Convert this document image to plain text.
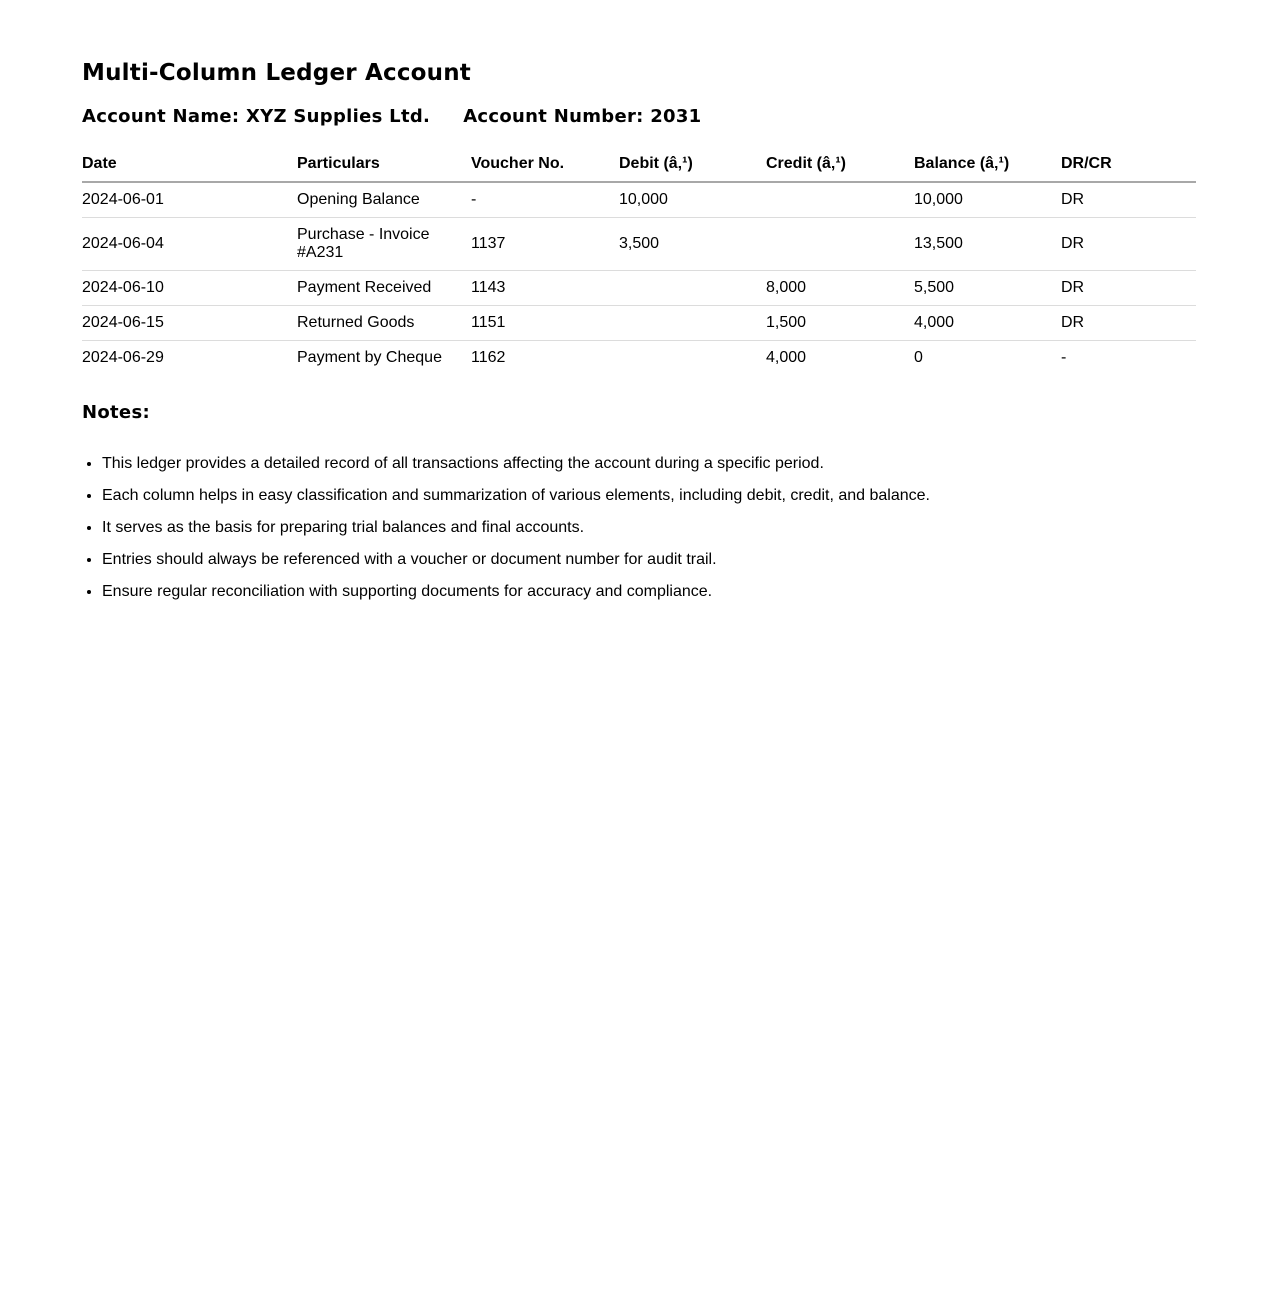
Multi-Column Ledger Account
Account Name: XYZ Supplies Ltd. Account Number: 2031
Date	Particulars	Voucher No.	Debit (â‚¹)	Credit (â‚¹)	Balance (â‚¹)	DR/CR
2024-06-01	Opening Balance	-	10,000		10,000	DR
2024-06-04	Purchase - Invoice #A231	1137	3,500		13,500	DR
2024-06-10	Payment Received	1143		8,000	5,500	DR
2024-06-15	Returned Goods	1151		1,500	4,000	DR
2024-06-29	Payment by Cheque	1162		4,000	0	-
Notes:
• This ledger provides a detailed record of all transactions affecting the account during a specific period.
• Each column helps in easy classification and summarization of various elements, including debit, credit, and balance.
• It serves as the basis for preparing trial balances and final accounts.
• Entries should always be referenced with a voucher or document number for audit trail.
• Ensure regular reconciliation with supporting documents for accuracy and compliance.
